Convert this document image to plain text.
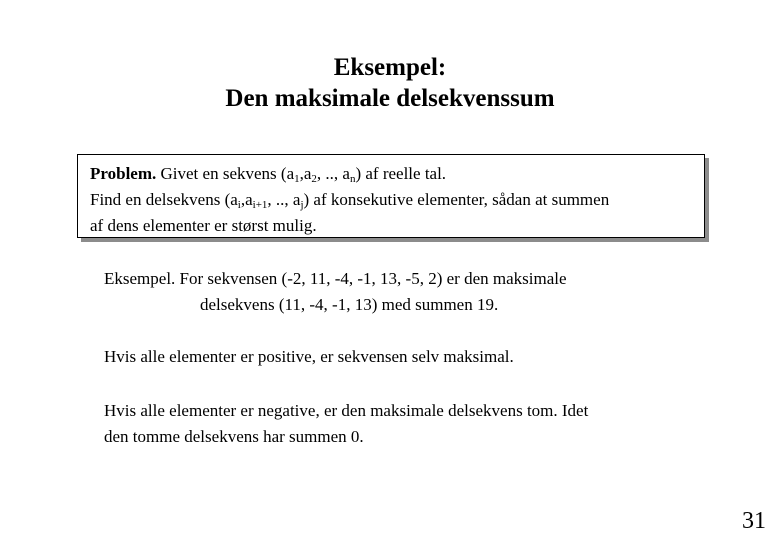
Eksempel:
Den maksimale delsekvenssum
Problem. Givet en sekvens ($a_1,a_2$, .., $a_n$) af reelle tal.
Find en delsekvens ($a_i,a_{i+1}$, .., $a_j$) af konsekutive elementer, sådan at summen
af dens elementer er størst mulig.
Eksempel. For sekvensen (-2, 11, -4, -1, 13, -5, 2) er den maksimale
delsekvens (11, -4, -1, 13) med summen 19.
Hvis alle elementer er positive, er sekvensen selv maksimal.
Hvis alle elementer er negative, er den maksimale delsekvens tom. Idet
den tomme delsekvens har summen 0.
31
